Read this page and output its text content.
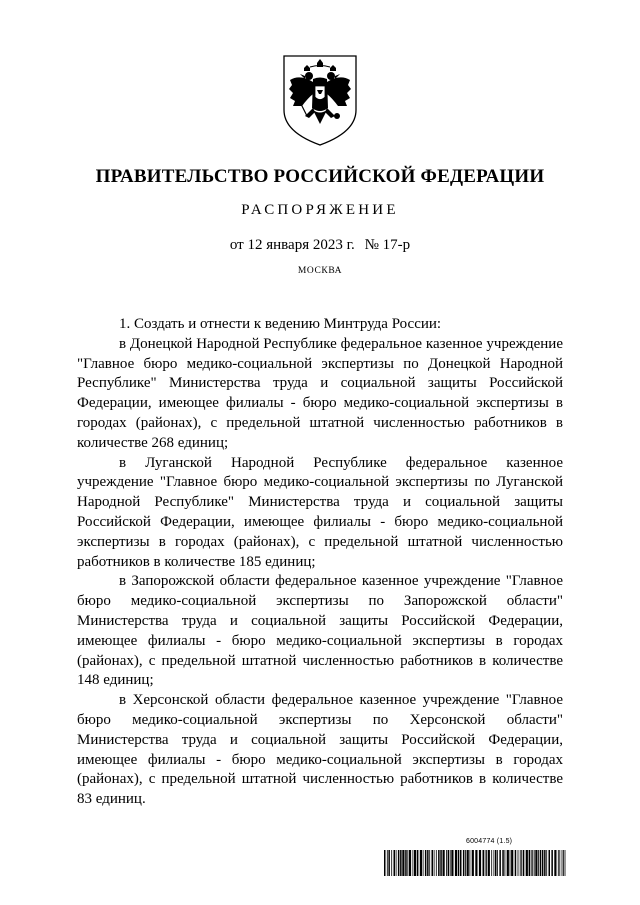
ПРАВИТЕЛЬСТВО РОССИЙСКОЙ ФЕДЕРАЦИИ
РАСПОРЯЖЕНИЕ
от 12 января 2023 г. № 17-р
МОСКВА

1. Создать и отнести к ведению Минтруда России:

в Донецкой Народной Республике федеральное казенное учреждение "Главное бюро медико-социальной экспертизы по Донецкой Народной Республике" Министерства труда и социальной защиты Российской Федерации, имеющее филиалы - бюро медико-социальной экспертизы в городах (районах), с предельной штатной численностью работников в количестве 268 единиц;

в Луганской Народной Республике федеральное казенное учреждение "Главное бюро медико-социальной экспертизы по Луганской Народной Республике" Министерства труда и социальной защиты Российской Федерации, имеющее филиалы - бюро медико-социальной экспертизы в городах (районах), с предельной штатной численностью работников в количестве 185 единиц;

в Запорожской области федеральное казенное учреждение "Главное бюро медико-социальной экспертизы по Запорожской области" Министерства труда и социальной защиты Российской Федерации, имеющее филиалы - бюро медико-социальной экспертизы в городах (районах), с предельной штатной численностью работников в количестве 148 единиц;

в Херсонской области федеральное казенное учреждение "Главное бюро медико-социальной экспертизы по Херсонской области" Министерства труда и социальной защиты Российской Федерации, имеющее филиалы - бюро медико-социальной экспертизы в городах (районах), с предельной штатной численностью работников в количестве 83 единиц.

6004774 (1.5)
